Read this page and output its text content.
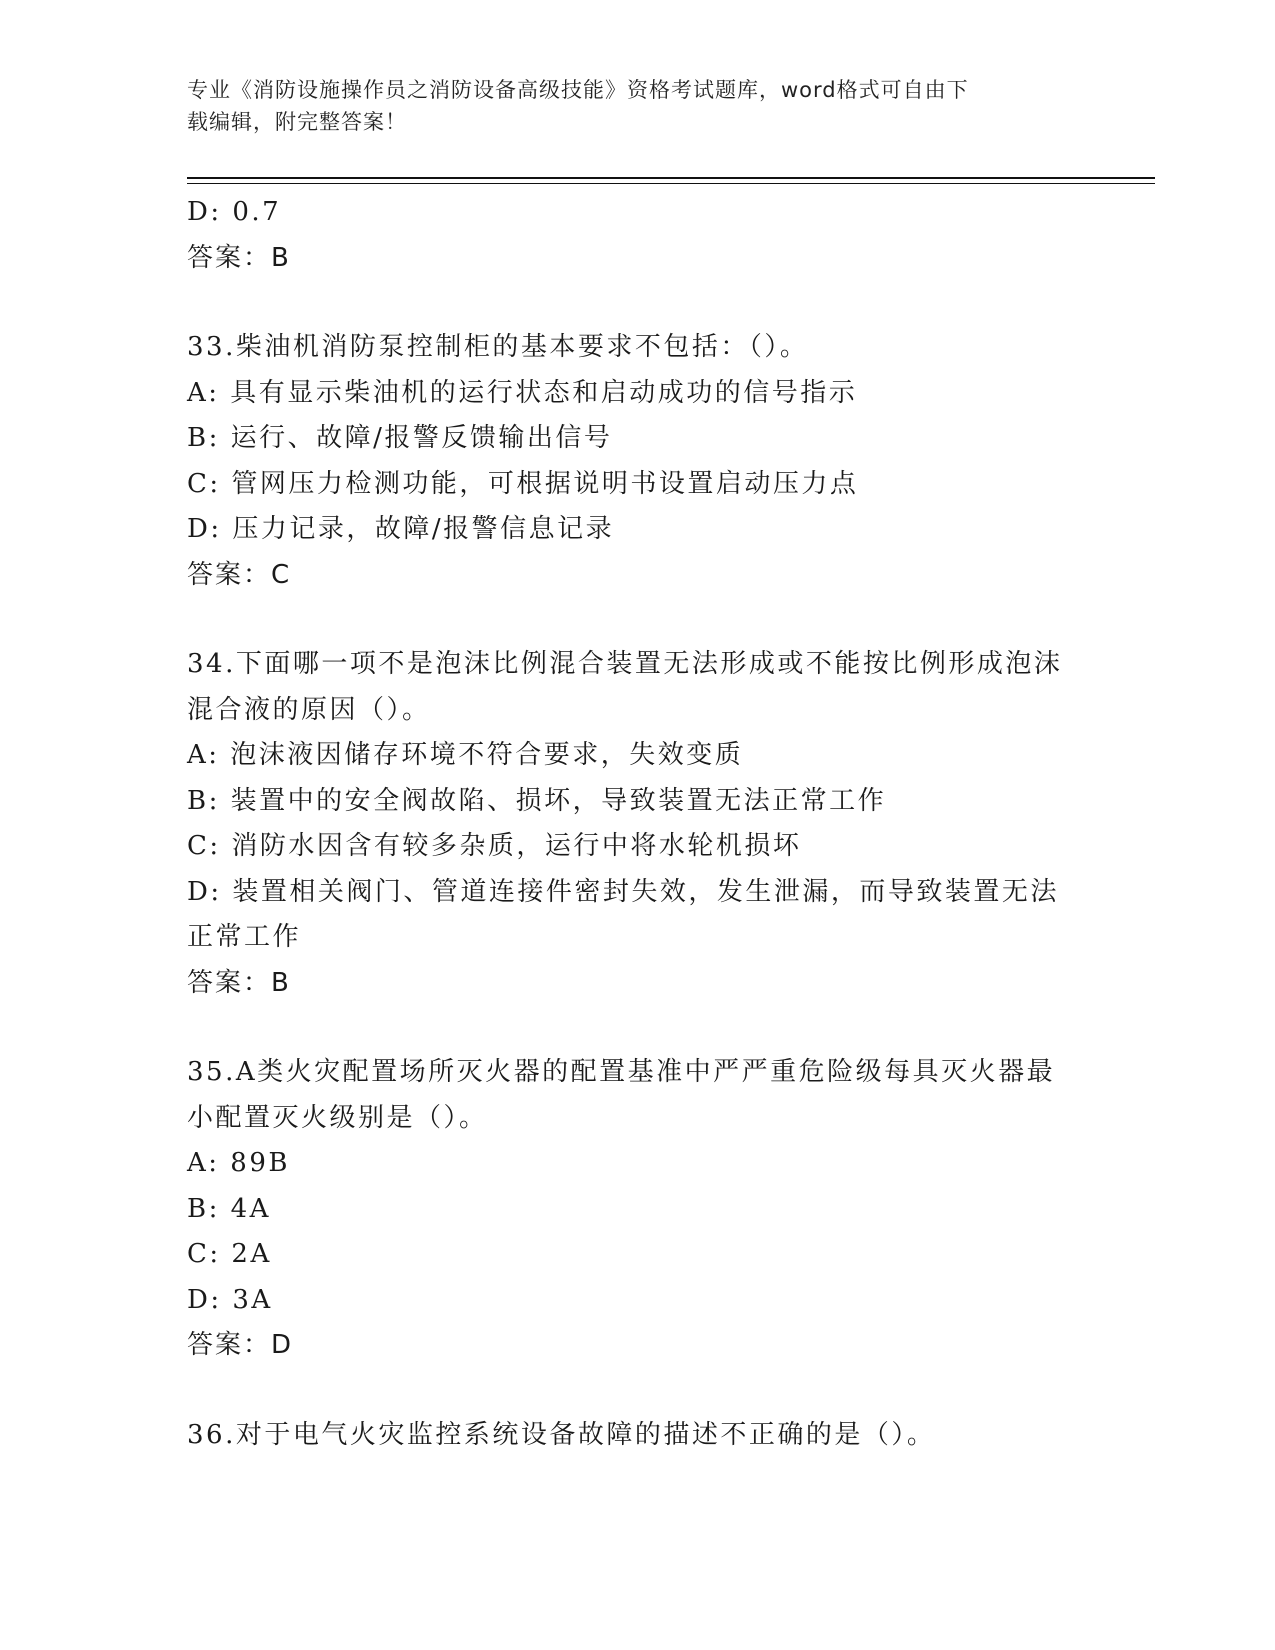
专业《消防设施操作员之消防设备高级技能》资格考试题库，word格式可自由下
载编辑，附完整答案！
D: 0.7
答案：B
33.柴油机消防泵控制柜的基本要求不包括：（）。
A: 具有显示柴油机的运行状态和启动成功的信号指示
B: 运行、故障/报警反馈输出信号
C: 管网压力检测功能，可根据说明书设置启动压力点
D: 压力记录，故障/报警信息记录
答案：C
34.下面哪一项不是泡沫比例混合装置无法形成或不能按比例形成泡沫
混合液的原因（）。
A: 泡沫液因储存环境不符合要求，失效变质
B: 装置中的安全阀故陷、损坏，导致装置无法正常工作
C: 消防水因含有较多杂质，运行中将水轮机损坏
D: 装置相关阀门、管道连接件密封失效，发生泄漏，而导致装置无法
正常工作
答案：B
35.A类火灾配置场所灭火器的配置基准中严严重危险级每具灭火器最
小配置灭火级别是（）。
A: 89B
B: 4A
C: 2A
D: 3A
答案：D
36.对于电气火灾监控系统设备故障的描述不正确的是（）。
